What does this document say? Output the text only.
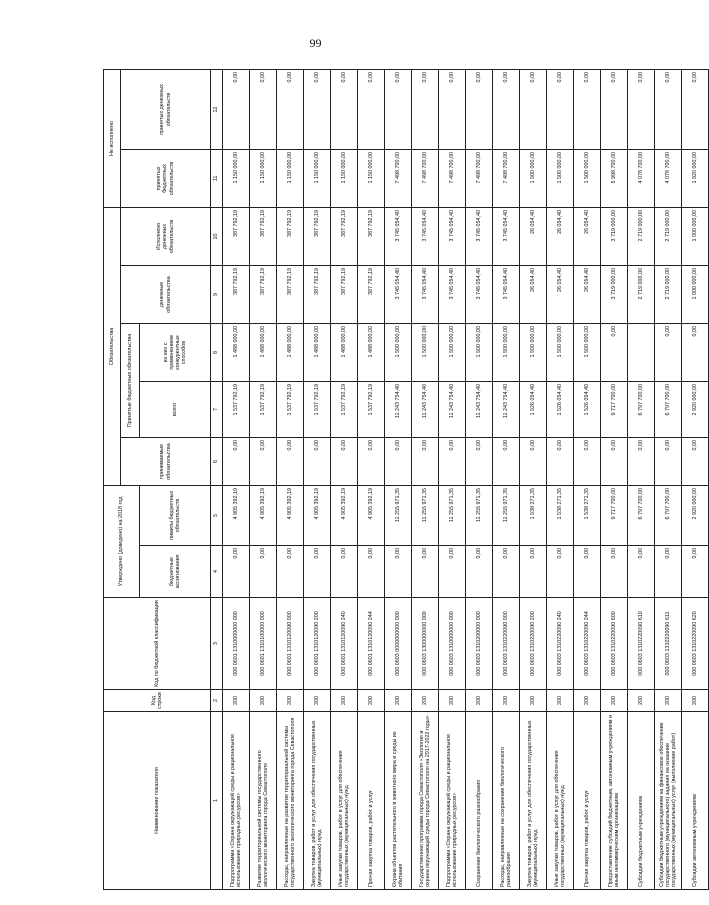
99
Наименование показателя	Код строки	Код по бюджетной классификации	Утверждено (доведено) на 2018 год		Обязательства					Не исполнено	
					принимаемые обязательства	Принятые бюджетные обязательства		денежные обязательства	Исполнено денежных обязательств	принятых бюджетных обязательств	принятых денежных обязательств
			бюджетные ассигнования	лимиты бюджетных обязательств		всего	из них с применением конкурентных способов				
1	2	3	4	5	6	7	8	9	10	11	12
Подпрограмма «Охрана окружающей среды и рациональное использование природных ресурсов»	200	000 0601 1310000000 000	0,00	4 905 392,19	0,00	1 537 792,19	1 488 000,00	387 792,19	387 792,19	1 150 000,00	0,00
Развитие территориальной системы государственного экологического мониторинга города Севастополя	200	000 0601 1310100000 000	0,00	4 905 392,19	0,00	1 537 792,19	1 488 000,00	387 792,19	387 792,19	1 150 000,00	0,00
Расходы, направленные на развитие территориальной системы государственного экологического мониторинга города Севастополя	200	000 0601 1310120090 000	0,00	4 905 392,19	0,00	1 537 792,19	1 488 000,00	387 792,19	387 792,19	1 150 000,00	0,00
Закупка товаров, работ и услуг для обеспечения государственных (муниципальных) нужд	200	000 0601 1310120090 200	0,00	4 905 392,19	0,00	1 537 792,19	1 488 000,00	387 792,19	387 792,19	1 150 000,00	0,00
Иные закупки товаров, работ и услуг для обеспечения государственных (муниципальных) нужд	200	000 0601 1310120090 240	0,00	4 905 392,19	0,00	1 537 792,19	1 488 000,00	387 792,19	387 792,19	1 150 000,00	0,00
Прочая закупка товаров, работ и услуг	200	000 0601 1310120090 244	0,00	4 905 392,19	0,00	1 537 792,19	1 488 000,00	387 792,19	387 792,19	1 150 000,00	0,00
Охрана объектов растительного и животного мира и среды их обитания	200	000 0603 0000000000 000	0,00	11 255 971,35	0,00	11 243 754,40	1 500 000,00	3 745 054,40	3 745 054,40	7 498 700,00	0,00
Государственная программа города Севастополя «Экология и охрана окружающей среды города Севастополя на 2017-2022 годы»	200	000 0603 1300000000 000	0,00	11 255 971,35	0,00	11 243 754,40	1 500 000,00	3 745 054,40	3 745 054,40	7 498 700,00	0,00
Подпрограмма «Охрана окружающей среды и рациональное использование природных ресурсов»	200	000 0603 1310000000 000	0,00	11 255 971,35	0,00	11 243 754,40	1 500 000,00	3 745 054,40	3 745 054,40	7 498 700,00	0,00
Сохранение биологического разнообразия	200	000 0603 1310200000 000	0,00	11 255 971,35	0,00	11 243 754,40	1 500 000,00	3 745 054,40	3 745 054,40	7 498 700,00	0,00
Расходы, направленные на сохранение биологического разнообразия	200	000 0603 1310220090 000	0,00	11 255 971,35	0,00	11 243 754,40	1 500 000,00	3 745 054,40	3 745 054,40	7 498 700,00	0,00
Закупка товаров, работ и услуг для обеспечения государственных (муниципальных) нужд	200	000 0603 1310220090 200	0,00	1 538 271,35	0,00	1 526 054,40	1 500 000,00	26 054,40	26 054,40	1 500 000,00	0,00
Иные закупки товаров, работ и услуг для обеспечения государственных (муниципальных) нужд	200	000 0603 1310220090 240	0,00	1 538 271,35	0,00	1 526 054,40	1 500 000,00	26 054,40	26 054,40	1 500 000,00	0,00
Прочая закупка товаров, работ и услуг	200	000 0603 1310220090 244	0,00	1 538 271,35	0,00	1 526 054,40	1 500 000,00	26 054,40	26 054,40	1 500 000,00	0,00
Предоставление субсидий бюджетным, автономным учреждениям и иным некоммерческим организациям	200	000 0603 1310220090 600	0,00	9 717 700,00	0,00	9 717 700,00	0,00	3 719 000,00	3 719 000,00	5 998 700,00	0,00
Субсидии бюджетным учреждениям	200	000 0603 1310220090 610	0,00	6 797 700,00	0,00	6 797 700,00		2 719 000,00	2 719 000,00	4 078 700,00	0,00
Субсидии бюджетным учреждениям на финансовое обеспечение государственного (муниципального) задания на оказание государственных (муниципальных) услуг (выполнение работ)	200	000 0603 1310220090 611	0,00	6 797 700,00	0,00	6 797 700,00	0,00	2 719 000,00	2 719 000,00	4 078 700,00	0,00
Субсидии автономным учреждениям	200	000 0603 1310220090 620	0,00	2 920 000,00	0,00	2 920 000,00	0,00	1 000 000,00	1 000 000,00	1 920 000,00	0,00
